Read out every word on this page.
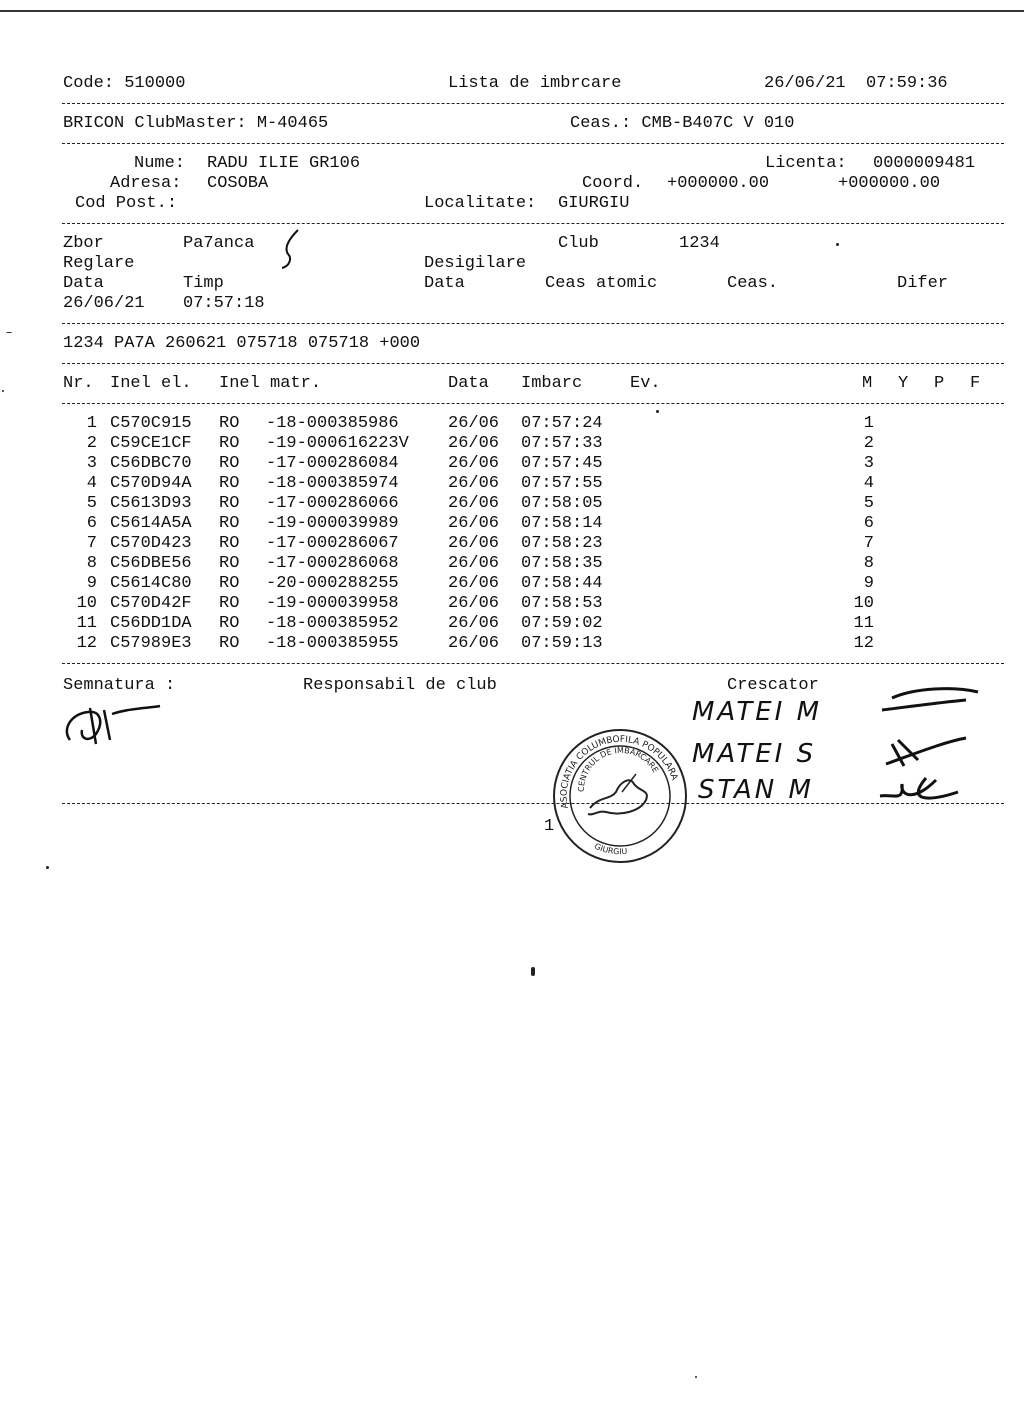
Code: 510000	Lista de imbrcare	26/06/21  07:59:36
BRICON ClubMaster: M-40465	Ceas.: CMB-B407C V 010
Nume: RADU ILIE GR106	Licenta: 0000009481
Adresa: COSOBA	Coord. +000000.00	+000000.00
Cod Post.:	Localitate: GIURGIU
Zbor	Pa7anca	Club	1234
Reglare	Desigilare
Data	Timp	Data	Ceas atomic	Ceas.	Difer
26/06/21 07:57:18
1234 PA7A 260621 075718 075718 +000
Nr. Inel el. Inel matr.	Data Imbarc	Ev.	M Y P F
1 C570C915 RO -18-000385986	26/06 07:57:24	1
2 C59CE1CF RO -19-000616223V 26/06 07:57:33	2
3 C56DBC70 RO -17-000286084	26/06 07:57:45	3
4 C570D94A RO -18-000385974	26/06 07:57:55	4
5 C5613D93 RO -17-000286066	26/06 07:58:05	5
6 C5614A5A RO -19-000039989	26/06 07:58:14	6
7 C570D423 RO -17-000286067	26/06 07:58:23	7
8 C56DBE56 RO -17-000286068	26/06 07:58:35	8
9 C5614C80 RO -20-000288255	26/06 07:58:44	9
10 C570D42F RO -19-000039958	26/06 07:58:53	10
11 C56DD1DA RO -18-000385952	26/06 07:59:02	11
12 C57989E3 RO -18-000385955	26/06 07:59:13	12
Semnatura :	Responsabil de club	Crescator
MATEI M
MATEI S
STAN M
ASOCIATIA COLUMBOFILA POPULARA
CENTRUL DE IMBARCARE
GIURGIU
1
